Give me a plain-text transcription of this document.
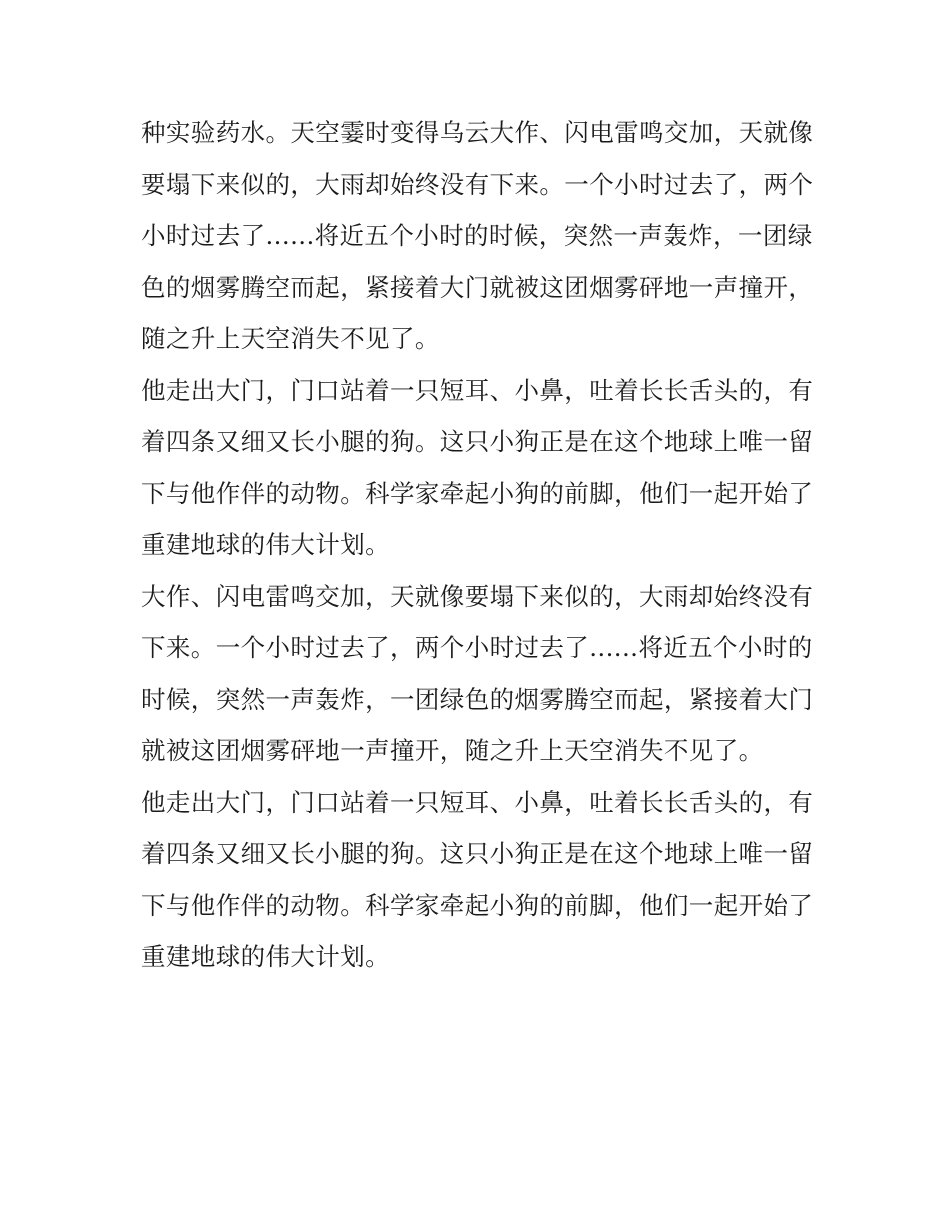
种实验药水。天空霎时变得乌云大作、闪电雷鸣交加，天就像
要塌下来似的，大雨却始终没有下来。一个小时过去了，两个
小时过去了......将近五个小时的时候，突然一声轰炸，一团绿
色的烟雾腾空而起，紧接着大门就被这团烟雾砰地一声撞开，
随之升上天空消失不见了。
他走出大门，门口站着一只短耳、小鼻，吐着长长舌头的，有
着四条又细又长小腿的狗。这只小狗正是在这个地球上唯一留
下与他作伴的动物。科学家牵起小狗的前脚，他们一起开始了
重建地球的伟大计划。
大作、闪电雷鸣交加，天就像要塌下来似的，大雨却始终没有
下来。一个小时过去了，两个小时过去了......将近五个小时的
时候，突然一声轰炸，一团绿色的烟雾腾空而起，紧接着大门
就被这团烟雾砰地一声撞开，随之升上天空消失不见了。
他走出大门，门口站着一只短耳、小鼻，吐着长长舌头的，有
着四条又细又长小腿的狗。这只小狗正是在这个地球上唯一留
下与他作伴的动物。科学家牵起小狗的前脚，他们一起开始了
重建地球的伟大计划。
